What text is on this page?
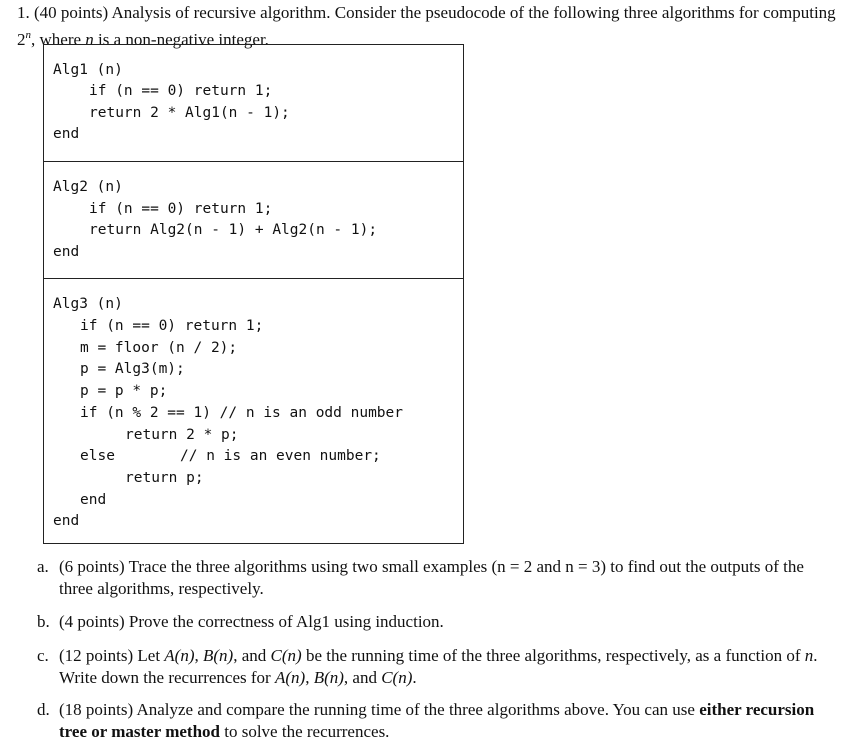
1. (40 points) Analysis of recursive algorithm. Consider the pseudocode of the following three algorithms for computing 2$^n$, where n is a non-negative integer.
Alg1 (n)
if (n == 0) return 1;
return 2 * Alg1(n - 1);
end
Alg2 (n)
if (n == 0) return 1;
return Alg2(n - 1) + Alg2(n - 1);
end
Alg3 (n)
if (n == 0) return 1;
m = floor (n / 2);
p = Alg3(m);
p = p * p;
if (n % 2 == 1) // n is an odd number
return 2 * p;
else	// n is an even number;
return p;
end
end
a. (6 points) Trace the three algorithms using two small examples (n = 2 and n = 3) to find out the outputs of the three algorithms, respectively.
b. (4 points) Prove the correctness of Alg1 using induction.
c. (12 points) Let A(n), B(n), and C(n) be the running time of the three algorithms, respectively, as a function of n. Write down the recurrences for A(n), B(n), and C(n).
d. (18 points) Analyze and compare the running time of the three algorithms above. You can use either recursion tree or master method to solve the recurrences.
